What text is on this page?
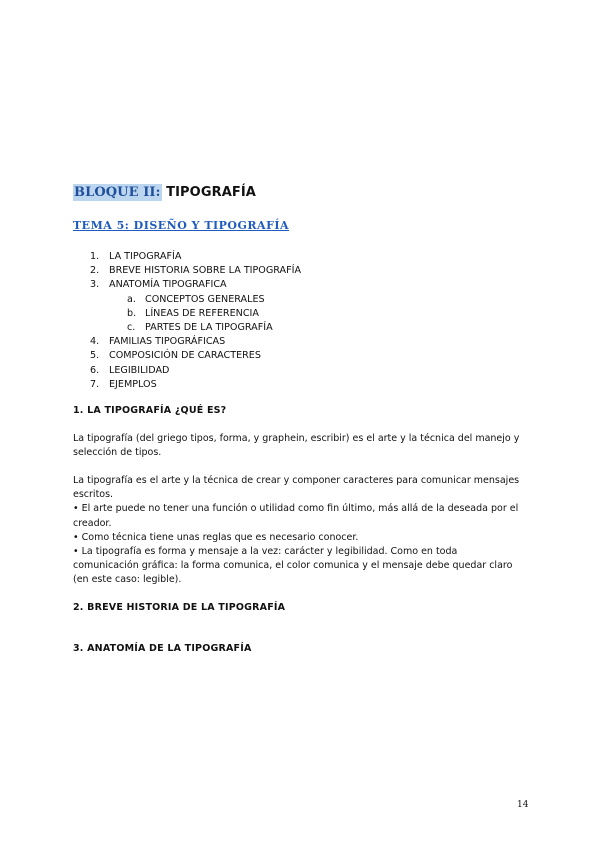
BLOQUE II: TIPOGRAFÍA
TEMA 5: DISEÑO Y TIPOGRAFÍA
1.	LA TIPOGRAFÍA
2.	BREVE HISTORIA SOBRE LA TIPOGRAFÍA
3.	ANATOMÍA TIPOGRAFICA
a. CONCEPTOS GENERALES
b. LÍNEAS DE REFERENCIA
c.	PARTES DE LA TIPOGRAFÍA
4.	FAMILIAS TIPOGRÁFICAS
5.	COMPOSICIÓN DE CARACTERES
6.	LEGIBILIDAD
7.	EJEMPLOS
1. LA TIPOGRAFÍA ¿QUÉ ES?
La tipografía (del griego tipos, forma, y graphein, escribir) es el arte y la técnica del manejo y selección de tipos.
La tipografía es el arte y la técnica de crear y componer caracteres para comunicar mensajes escritos.
• El arte puede no tener una función o utilidad como fin último, más allá de la deseada por el creador.
• Como técnica tiene unas reglas que es necesario conocer.
• La tipografía es forma y mensaje a la vez: carácter y legibilidad. Como en toda comunicación gráfica: la forma comunica, el color comunica y el mensaje debe quedar claro (en este caso: legible).
2. BREVE HISTORIA DE LA TIPOGRAFÍA
3. ANATOMÍA DE LA TIPOGRAFÍA
14
